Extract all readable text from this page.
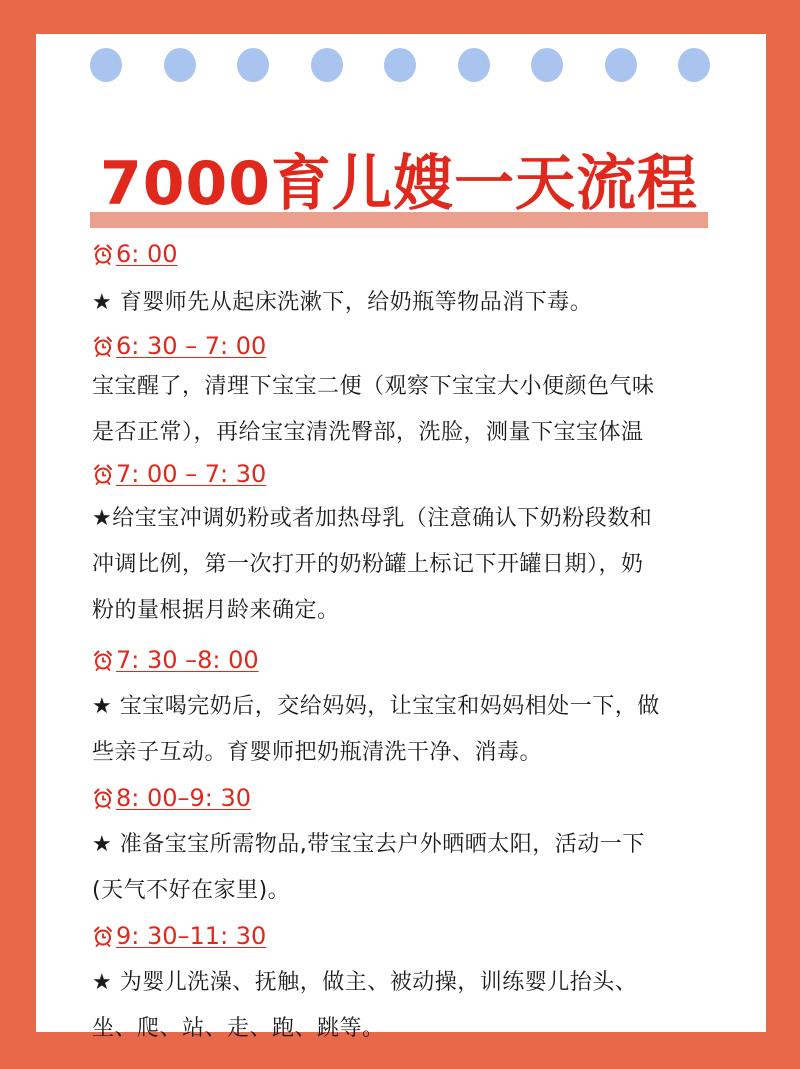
7000育儿嫂一天流程
6: 00
★ 育婴师先从起床洗漱下，给奶瓶等物品消下毒。
6: 30 – 7: 00
宝宝醒了，清理下宝宝二便（观察下宝宝大小便颜色气味
是否正常），再给宝宝清洗臀部，洗脸，测量下宝宝体温
7: 00 – 7: 30
★给宝宝冲调奶粉或者加热母乳（注意确认下奶粉段数和
冲调比例，第一次打开的奶粉罐上标记下开罐日期），奶
粉的量根据月龄来确定。
7: 30 –8: 00
★ 宝宝喝完奶后，交给妈妈，让宝宝和妈妈相处一下，做
些亲子互动。育婴师把奶瓶清洗干净、消毒。
8: 00–9: 30
★ 准备宝宝所需物品,带宝宝去户外晒晒太阳，活动一下
(天气不好在家里)。
9: 30–11: 30
★ 为婴儿洗澡、抚触，做主、被动操，训练婴儿抬头、
坐、爬、站、走、跑、跳等。
